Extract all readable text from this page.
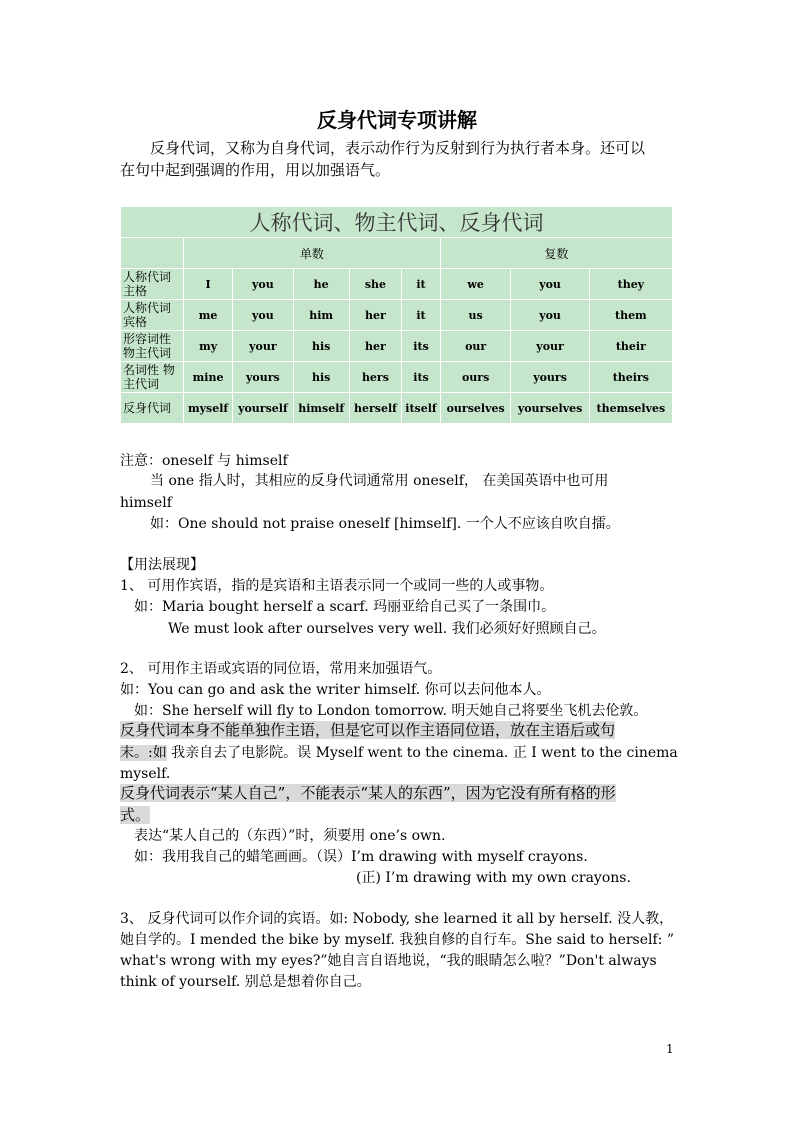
反身代词专项讲解
反身代词，又称为自身代词，表示动作行为反射到行为执行者本身。还可以
在句中起到强调的作用，用以加强语气。
人称代词、物主代词、反身代词								
	单数					复数		
人称代词 主格	I	you	he	she	it	we	you	they
人称代词 宾格	me	you	him	her	it	us	you	them
形容词性 物主代词	my	your	his	her	its	our	your	their
名词性 物主代词	mine	yours	his	hers	its	ours	yours	theirs
反身代词	myself	yourself	himself	herself	itself	ourselves	yourselves	themselves
注意：oneself 与 himself
当 one 指人时，其相应的反身代词通常用 oneself， 在美国英语中也可用
himself
如：One should not praise oneself [himself]. 一个人不应该自吹自擂。
【用法展现】
1、 可用作宾语，指的是宾语和主语表示同一个或同一些的人或事物。
如：Maria bought herself a scarf. 玛丽亚给自己买了一条围巾。
We must look after ourselves very well. 我们必须好好照顾自己。
2、 可用作主语或宾语的同位语，常用来加强语气。
如：You can go and ask the writer himself. 你可以去问他本人。
如：She herself will fly to London tomorrow. 明天她自己将要坐飞机去伦敦。
反身代词本身不能单独作主语，但是它可以作主语同位语，放在主语后或句
末。:如 我亲自去了电影院。误 Myself went to the cinema. 正 I went to the cinema
myself.
反身代词表示“某人自己”，不能表示“某人的东西”，因为它没有所有格的形
式。
表达“某人自己的（东西）”时，须要用 one’s own.
如：我用我自己的蜡笔画画。（误）I’m drawing with myself crayons.
(正) I’m drawing with my own crayons.
3、 反身代词可以作介词的宾语。如: Nobody, she learned it all by herself. 没人教，
她自学的。I mended the bike by myself. 我独自修的自行车。She said to herself: ”
what's wrong with my eyes?”她自言自语地说，“我的眼睛怎么啦？”Don't always
think of yourself. 别总是想着你自己。
1
